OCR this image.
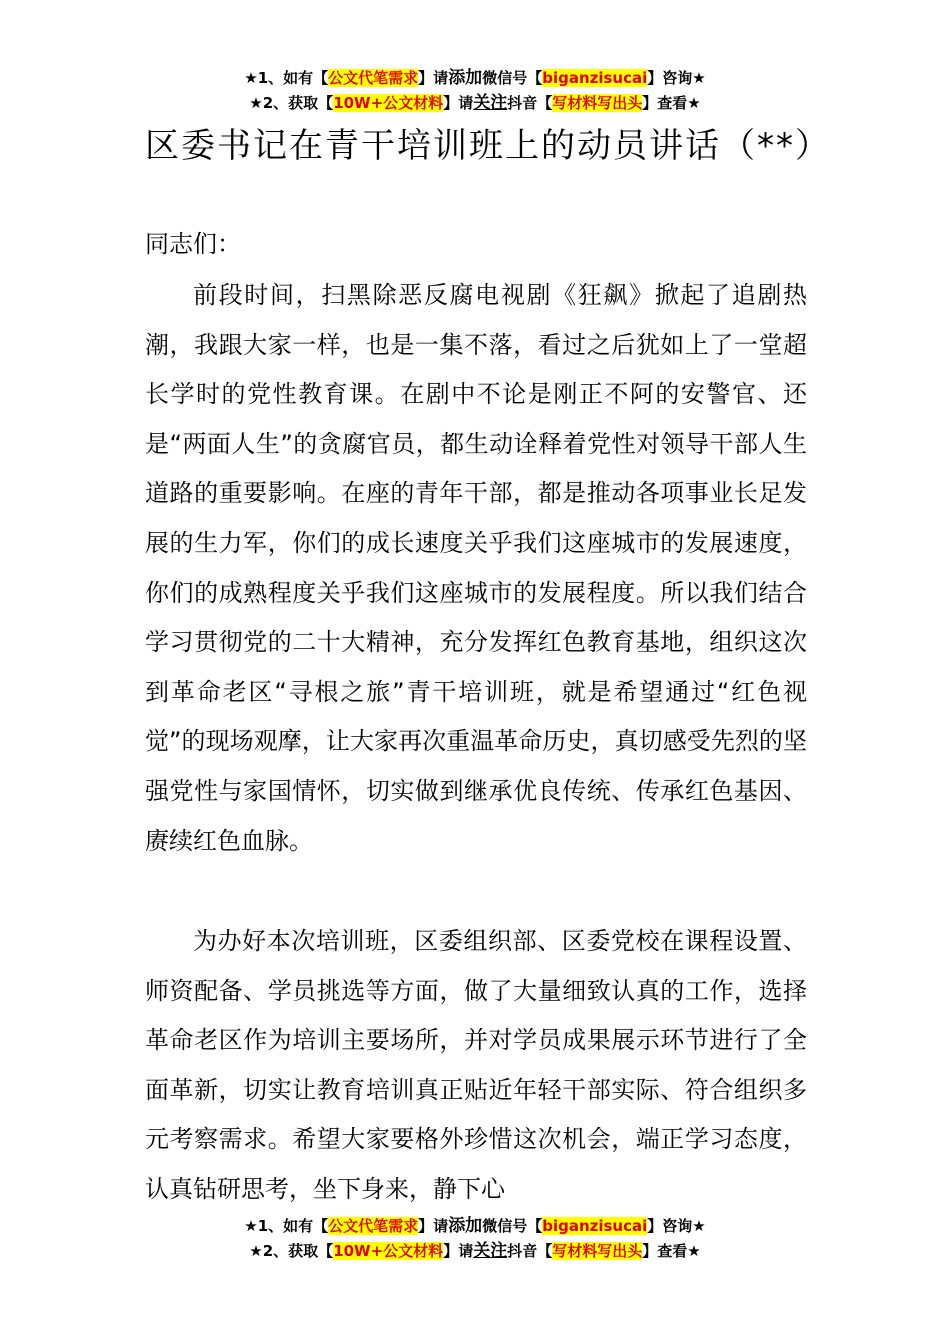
★1、如有【公文代笔需求】请添加微信号【biganzisucai】咨询★
★2、获取【10W+公文材料】请关注抖音【写材料写出头】查看★
区委书记在青干培训班上的动员讲话（**）

同志们：

前段时间，扫黑除恶反腐电视剧《狂飙》掀起了追剧热潮，我跟大家一样，也是一集不落，看过之后犹如上了一堂超长学时的党性教育课。在剧中不论是刚正不阿的安警官、还是“两面人生”的贪腐官员，都生动诠释着党性对领导干部人生道路的重要影响。在座的青年干部，都是推动各项事业长足发展的生力军，你们的成长速度关乎我们这座城市的发展速度，你们的成熟程度关乎我们这座城市的发展程度。所以我们结合学习贯彻党的二十大精神，充分发挥红色教育基地，组织这次到革命老区“寻根之旅”青干培训班，就是希望通过“红色视觉”的现场观摩，让大家再次重温革命历史，真切感受先烈的坚强党性与家国情怀，切实做到继承优良传统、传承红色基因、赓续红色血脉。

为办好本次培训班，区委组织部、区委党校在课程设置、师资配备、学员挑选等方面，做了大量细致认真的工作，选择革命老区作为培训主要场所，并对学员成果展示环节进行了全面革新，切实让教育培训真正贴近年轻干部实际、符合组织多元考察需求。希望大家要格外珍惜这次机会，端正学习态度，认真钻研思考，坐下身来，静下心

★1、如有【公文代笔需求】请添加微信号【biganzisucai】咨询★
★2、获取【10W+公文材料】请关注抖音【写材料写出头】查看★
